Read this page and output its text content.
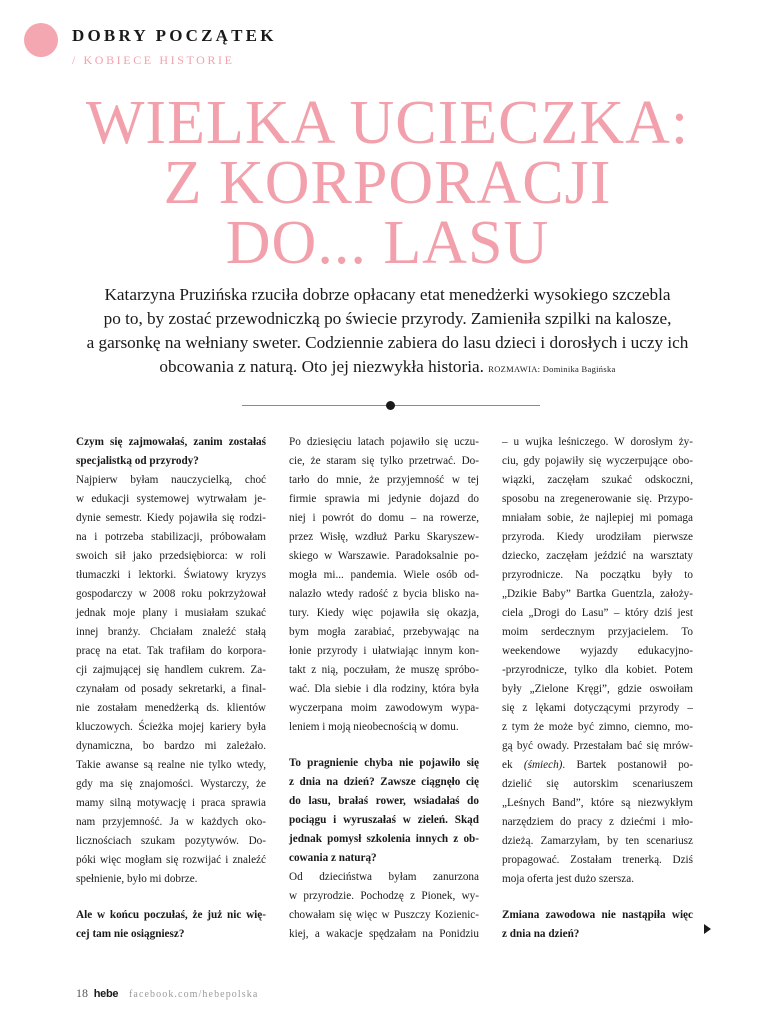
DOBRY POCZĄTEK
/ KOBIECE HISTORIE
WIELKA UCIECZKA:
Z KORPORACJI
DO... LASU

Katarzyna Pruzińska rzuciła dobrze opłacany etat menedżerki wysokiego szczebla

po to, by zostać przewodniczką po świecie przyrody. Zamieniła szpilki na kalosze,

a garsonkę na wełniany sweter. Codziennie zabiera do lasu dzieci i dorosłych i uczy ich

obcowania z naturą. Oto jej niezwykła historia. ROZMAWIA: Dominika Bagińska

Czym się zajmowałaś, zanim zostałaś

specjalistką od przyrody?

Najpierw byłam nauczycielką, choć

w edukacji systemowej wytrwałam je-

dynie semestr. Kiedy pojawiła się rodzi-

na i potrzeba stabilizacji, próbowałam

swoich sił jako przedsiębiorca: w roli

tłumaczki i lektorki. Światowy kryzys

gospodarczy w 2008 roku pokrzyżował

jednak moje plany i musiałam szukać

innej branży. Chciałam znaleźć stałą

pracę na etat. Tak trafiłam do korpora-

cji zajmującej się handlem cukrem. Za-

czynałam od posady sekretarki, a final-

nie zostałam menedżerką ds. klientów

kluczowych. Ścieżka mojej kariery była

dynamiczna, bo bardzo mi zależało.

Takie awanse są realne nie tylko wtedy,

gdy ma się znajomości. Wystarczy, że

mamy silną motywację i praca sprawia

nam przyjemność. Ja w każdych oko-

licznościach szukam pozytywów. Do-

póki więc mogłam się rozwijać i znaleźć

spełnienie, było mi dobrze.

Ale w końcu poczułaś, że już nic wię-

cej tam nie osiągniesz?

Po dziesięciu latach pojawiło się uczu-

cie, że staram się tylko przetrwać. Do-

tarło do mnie, że przyjemność w tej

firmie sprawia mi jedynie dojazd do

niej i powrót do domu – na rowerze,

przez Wisłę, wzdłuż Parku Skaryszew-

skiego w Warszawie. Paradoksalnie po-

mogła mi... pandemia. Wiele osób od-

nalazło wtedy radość z bycia blisko na-

tury. Kiedy więc pojawiła się okazja,

bym mogła zarabiać, przebywając na

łonie przyrody i ułatwiając innym kon-

takt z nią, poczułam, że muszę spróbo-

wać. Dla siebie i dla rodziny, która była

wyczerpana moim zawodowym wypa-

leniem i moją nieobecnością w domu.

To pragnienie chyba nie pojawiło się

z dnia na dzień? Zawsze ciągnęło cię

do lasu, brałaś rower, wsiadałaś do

pociągu i wyruszałaś w zieleń. Skąd

jednak pomysł szkolenia innych z ob-

cowania z naturą?

Od dzieciństwa byłam zanurzona

w przyrodzie. Pochodzę z Pionek, wy-

chowałam się więc w Puszczy Kozienic-

kiej, a wakacje spędzałam na Ponidziu

– u wujka leśniczego. W dorosłym ży-

ciu, gdy pojawiły się wyczerpujące obo-

wiązki, zaczęłam szukać odskoczni,

sposobu na zregenerowanie się. Przypo-

mniałam sobie, że najlepiej mi pomaga

przyroda. Kiedy urodziłam pierwsze

dziecko, zaczęłam jeździć na warsztaty

przyrodnicze. Na początku były to

„Dzikie Baby” Bartka Guentzla, założy-

ciela „Drogi do Lasu” – który dziś jest

moim serdecznym przyjacielem. To

weekendowe wyjazdy edukacyjno-

-przyrodnicze, tylko dla kobiet. Potem

były „Zielone Kręgi”, gdzie oswoiłam

się z lękami dotyczącymi przyrody –

z tym że może być zimno, ciemno, mo-

gą być owady. Przestałam bać się mrów-

ek (śmiech). Bartek postanowił po-

dzielić się autorskim scenariuszem

„Leśnych Band”, które są niezwykłym

narzędziem do pracy z dziećmi i mło-

dzieżą. Zamarzyłam, by ten scenariusz

propagować. Zostałam trenerką. Dziś

moja oferta jest dużo szersza.

Zmiana zawodowa nie nastąpiła więc

z dnia na dzień?

18 hebe facebook.com/hebepolska
